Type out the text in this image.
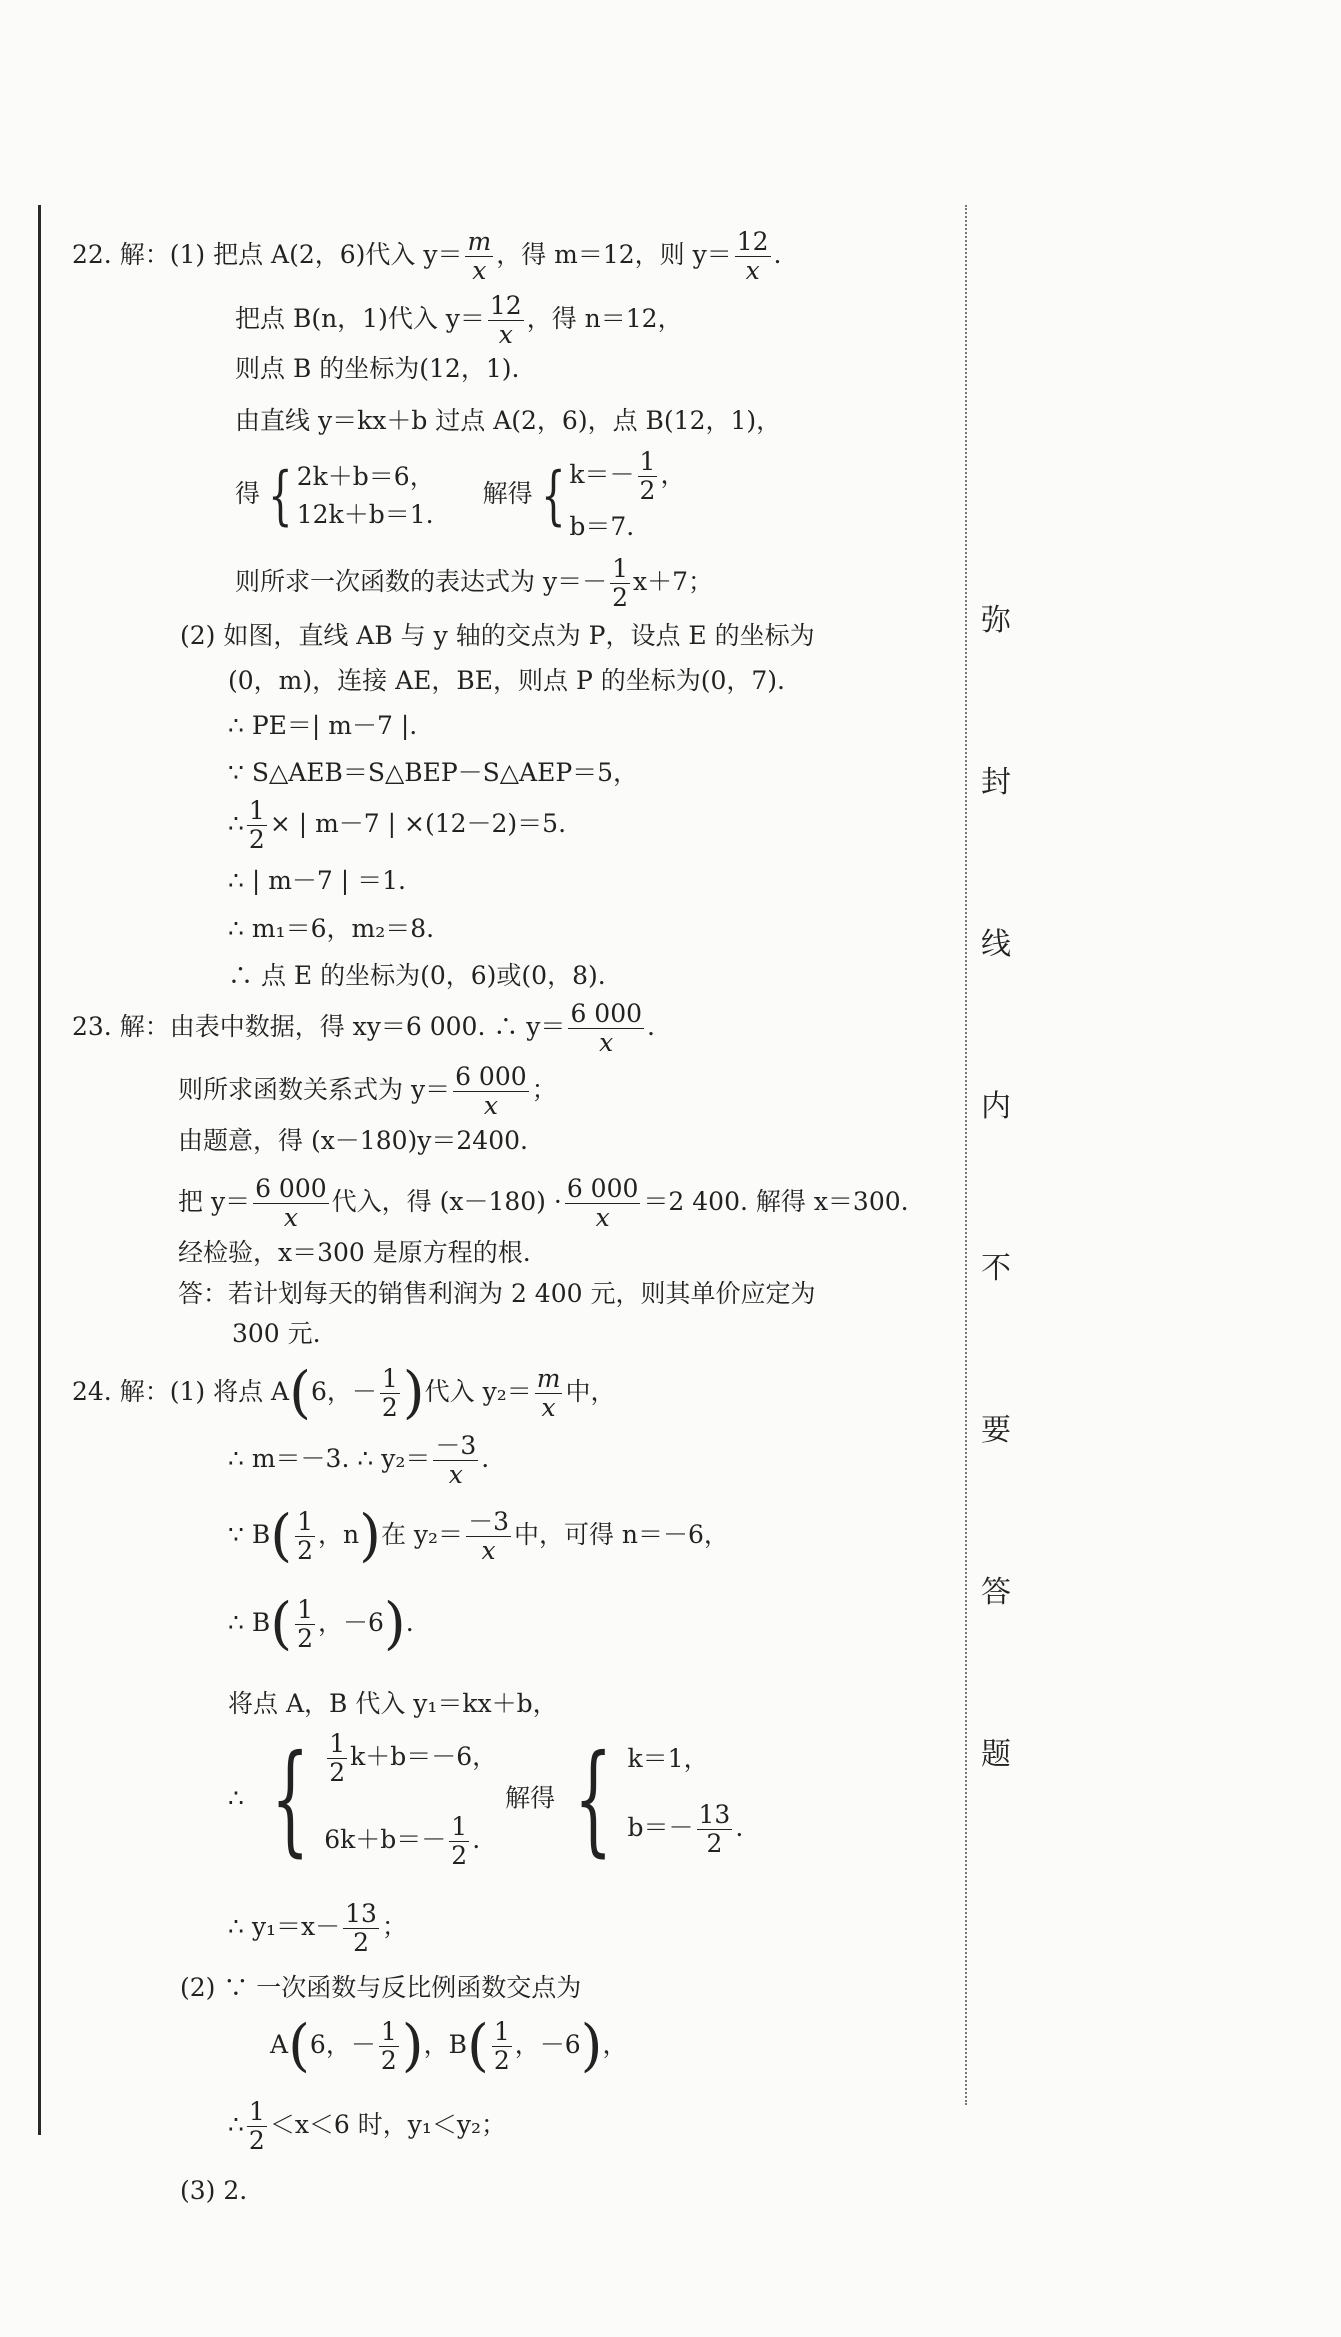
弥
封
线
内
不
要
答
题
22. 解：(1) 把点 A(2，6)代入 $y= \frac{m}{x}$ ，得 m＝12，则 $y= \frac{12}{x}$ .
把点 B(n，1)代入 $y= \frac{12}{x}$ ，得 n＝12，
则点 B 的坐标为(12，1).
由直线 y＝kx＋b 过点 A(2，6)，点 B(12，1)，
得 { 2k＋b＝6，
12k＋b＝1.
解得 { $k=- \frac{1}{2}$ ，
b＝7.
则所求一次函数的表达式为 $y=- \frac{1}{2} x+7$；
(2) 如图，直线 AB 与 y 轴的交点为 P，设点 E 的坐标为
(0，m)，连接 AE，BE，则点 P 的坐标为(0，7).
∴ PE＝| m－7 |.
∵ S△AEB＝S△BEP－S△AEP＝5，
∴ $\frac{1}{2}$ × | m－7 | ×(12－2)＝5.
∴ | m－7 | ＝1.
∴ m₁＝6，m₂＝8.
∴ 点 E 的坐标为(0，6)或(0，8).
23. 解：由表中数据，得 xy＝6 000. ∴ $y= \frac{6 000}{x}$ .
则所求函数关系式为 $y= \frac{6 000}{x}$ ；
由题意，得 (x－180)y＝2400.
把 $y= \frac{6 000}{x}$ 代入，得 $(x-180) \cdot \frac{6 000}{x} =2$ 400. 解得 x＝300.
经检验，x＝300 是原方程的根.
答：若计划每天的销售利润为 2 400 元，则其单价应定为
300 元.
24. 解：(1) 将点 A(6，－ $\frac{1}{2}$ )代入 $y_2= \frac{m}{x}$ 中，
∴ m＝－3. ∴ $y_2= \frac{-3}{x}$ .
∵ $B( \frac{1}{2}$ ，n)在 $y_2= \frac{-3}{x}$ 中，可得 n＝－6，
∴ $B( \frac{1}{2}$ ，－6).
将点 A，B 代入 y₁＝kx＋b，
∴ { $\frac{1}{2} k+b=-6$，
$6k+b=- \frac{1}{2}$ .
解得 { k＝1，
$b=- \frac{13}{2}$ .
∴ $y_1=x- \frac{13}{2}$ ；
(2) ∵ 一次函数与反比例函数交点为
A(6，－ $\frac{1}{2}$ )，$B( \frac{1}{2}$ ，－6)，
∴ $\frac{1}{2} <x<6$ 时，y₁＜y₂；
(3) 2.
